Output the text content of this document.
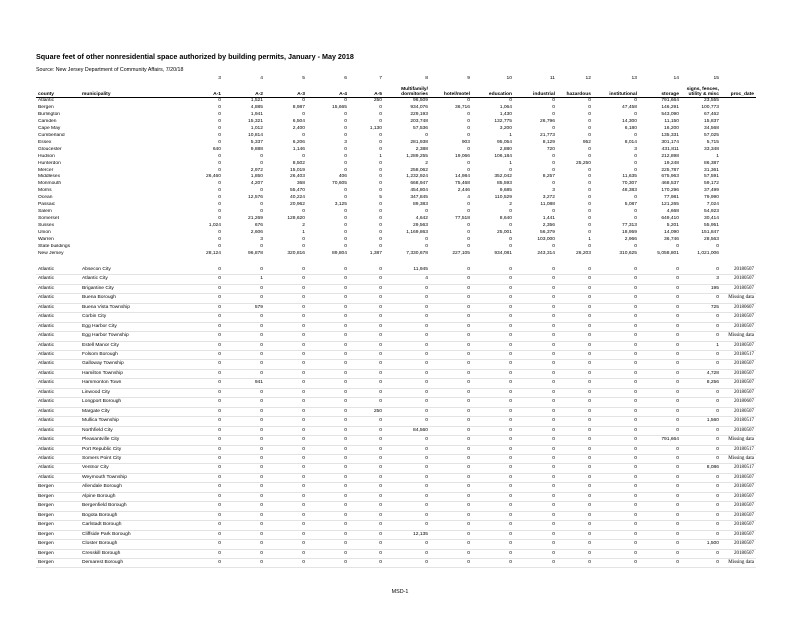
Square feet of other nonresidential space authorized by building permits, January - May 2018
Source: New Jersey Department of Community Affairs, 7/20/18
		3	4	5	6	7	8	9	10	11	12	13	14	15	
county	municipality	A-1	A-2	A-3	A-4	A-5	Multifamily/
dormitories	hotel/motel	education	industrial	hazardous	institutional	storage	signs, fences,
utility & misc	proc_date
Atlantic		0	1,521	0	0	250	96,509	0	0	0	0	0	791,664	23,555	
Bergen		0	4,885	8,987	15,665	0	934,076	36,716	1,064	0	0	47,458	146,291	100,773	
Burlington		0	1,941	0	0	0	229,193	0	1,430	0	0	0	543,090	67,462	
Camden		0	15,321	6,504	0	0	203,748	0	132,775	26,796	0	14,300	11,150	15,837	
Cape May		0	1,012	2,400	0	1,130	57,536	0	3,200	0	0	6,180	16,200	34,568	
Cumberland		0	10,814	0	0	0	0	0	1	21,773	0	0	135,331	57,025	
Essex		0	5,337	6,206	3	0	281,938	903	95,054	8,129	952	8,014	301,174	5,715	
Gloucester		640	9,888	1,146	0	0	2,388	0	2,880	720	0	3	431,811	33,348	
Hudson		0	0	0	0	1	1,289,255	19,066	106,184	0	0	0	212,898	1	
Hunterdon		0	0	8,502	0	0	2	0	1	0	25,250	0	19,248	86,387	
Mercer		0	2,972	15,019	0	0	258,062	0	0	0	0	0	225,787	31,361	
Middlesex		26,460	1,850	26,403	406	0	1,232,924	14,984	352,042	8,257	0	11,635	675,963	57,591	
Monmouth		0	4,207	368	70,605	0	668,947	75,468	85,593	0	0	70,307	468,537	59,172	
Morris		0	0	55,470	0	0	454,804	2,446	9,685	3	0	48,383	170,296	37,499	
Ocean		0	12,576	40,224	0	5	347,845	4	110,529	3,272	0	0	77,981	79,990	
Passaic		0	0	20,962	3,125	0	89,383	0	2	11,088	0	5,087	121,265	7,024	
Salem		0	0	0	0	0	0	0	0	0	0	0	4,668	54,923	
Somerset		0	21,269	128,620	0	0	4,642	77,518	8,640	1,441	0	0	649,410	30,414	
Sussex		1,024	676	2	0	0	29,563	0	0	2,356	0	77,313	5,201	55,951	
Union		0	2,606	1	0	0	1,169,863	0	25,001	56,379	0	18,959	14,090	151,847	
Warren		0	3	0	0	0	0	0	0	103,000	1	2,966	36,746	28,563	
State buildings		0	0	0	0	0	0	0	0	0	0	0	0	0	
New Jersey		28,124	96,878	320,816	89,804	1,387	7,330,678	227,105	934,081	243,314	26,203	310,625	5,058,801	1,021,006	

Atlantic	Absecon City	0	0	0	0	0	11,945	0	0	0	0	0	0	0	20180507
Atlantic	Atlantic City	0	1	0	0	0	4	0	0	0	0	0	0	3	20180507
Atlantic	Brigantine City	0	0	0	0	0	0	0	0	0	0	0	0	195	20180507
Atlantic	Buena Borough	0	0	0	0	0	0	0	0	0	0	0	0	0	Missing data
Atlantic	Buena Vista Township	0	579	0	0	0	0	0	0	0	0	0	0	725	20180607
Atlantic	Corbin City	0	0	0	0	0	0	0	0	0	0	0	0	0	20180507
Atlantic	Egg Harbor City	0	0	0	0	0	0	0	0	0	0	0	0	0	20180507
Atlantic	Egg Harbor Township	0	0	0	0	0	0	0	0	0	0	0	0	0	Missing data
Atlantic	Estell Manor City	0	0	0	0	0	0	0	0	0	0	0	0	1	20180507
Atlantic	Folsom Borough	0	0	0	0	0	0	0	0	0	0	0	0	0	20180517
Atlantic	Galloway Township	0	0	0	0	0	0	0	0	0	0	0	0	0	20180507
Atlantic	Hamilton Township	0	0	0	0	0	0	0	0	0	0	0	0	4,728	20180507
Atlantic	Hammonton Town	0	941	0	0	0	0	0	0	0	0	0	0	8,256	20180507
Atlantic	Linwood City	0	0	0	0	0	0	0	0	0	0	0	0	0	20180507
Atlantic	Longport Borough	0	0	0	0	0	0	0	0	0	0	0	0	0	20180607
Atlantic	Margate City	0	0	0	0	250	0	0	0	0	0	0	0	0	20180507
Atlantic	Mullica Township	0	0	0	0	0	0	0	0	0	0	0	0	1,560	20180517
Atlantic	Northfield City	0	0	0	0	0	84,560	0	0	0	0	0	0	0	20180507
Atlantic	Pleasantville City	0	0	0	0	0	0	0	0	0	0	0	791,664	0	Missing data
Atlantic	Port Republic City	0	0	0	0	0	0	0	0	0	0	0	0	0	20180517
Atlantic	Somers Point City	0	0	0	0	0	0	0	0	0	0	0	0	0	Missing data
Atlantic	Ventnor City	0	0	0	0	0	0	0	0	0	0	0	0	8,086	20180517
Atlantic	Weymouth Township	0	0	0	0	0	0	0	0	0	0	0	0	0	20180507
Bergen	Allendale Borough	0	0	0	0	0	0	0	0	0	0	0	0	0	20180507
Bergen	Alpine Borough	0	0	0	0	0	0	0	0	0	0	0	0	0	20180507
Bergen	Bergenfield Borough	0	0	0	0	0	0	0	0	0	0	0	0	0	20180507
Bergen	Bogota Borough	0	0	0	0	0	0	0	0	0	0	0	0	0	20180507
Bergen	Carlstadt Borough	0	0	0	0	0	0	0	0	0	0	0	0	0	20180507
Bergen	Cliffside Park Borough	0	0	0	0	0	12,135	0	0	0	0	0	0	0	20180507
Bergen	Closter Borough	0	0	0	0	0	0	0	0	0	0	0	0	1,500	20180507
Bergen	Cresskill Borough	0	0	0	0	0	0	0	0	0	0	0	0	0	20180507
Bergen	Demarest Borough	0	0	0	0	0	0	0	0	0	0	0	0	0	Missing data
MSD-1
